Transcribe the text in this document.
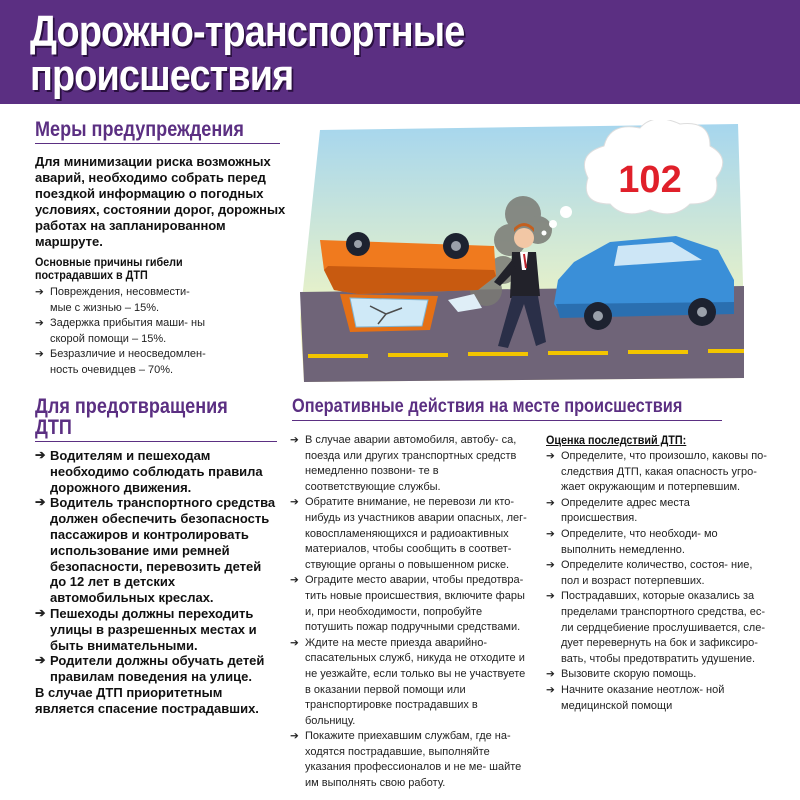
Дорожно-транспортные
происшествия
Меры предупреждения
Для минимизации риска возможных аварий, необходимо собрать перед поездкой информацию о погодных условиях, состоянии дорог, дорожных работах на запланированном маршруте.
Основные причины гибели
пострадавших в ДТП
➔ Повреждения, несовмести- мые с жизнью – 15%.
➔ Задержка прибытия маши- ны скорой помощи – 15%.
➔ Безразличие и неосведомлен- ность очевидцев – 70%.
102
Для предотвращения
ДТП
➔ Водителям и пешеходам необходимо соблюдать правила дорожного движения.
➔ Водитель транспортного средства должен обеспечить безопасность пассажиров и контролировать использование ими ремней безопасности, перевозить детей до 12 лет в детских автомобильных креслах.
➔ Пешеходы должны переходить улицы в разрешенных местах и быть внимательными.
➔ Родители должны обучать детей правилам поведения на улице.
В случае ДТП приоритетным является спасение пострадавших.
Оперативные действия на месте происшествия
➔ В случае аварии автомобиля, автобу- са, поезда или других транспортных средств немедленно позвони- те в соответствующие службы.
➔ Обратите внимание, не перевози ли кто- нибудь из участников аварии опасных, лег- ковоспламеняющихся и радиоактивных материалов, чтобы сообщить в соответ- ствующие органы о повышенном риске.
➔ Оградите место аварии, чтобы предотвра- тить новые происшествия, включите фары и, при необходимости, попробуйте потушить пожар подручными средствами.
➔ Ждите на месте приезда аварийно- спасательных служб, никуда не отходите и не уезжайте, если только вы не участвуете в оказании первой помощи или транспортировке пострадавших в больницу.
➔ Покажите приехавшим службам, где на- ходятся пострадавшие, выполняйте указания профессионалов и не ме- шайте им выполнять свою работу.
Оценка последствий ДТП:
➔ Определите, что произошло, каковы по- следствия ДТП, какая опасность угро- жает окружающим и потерпевшим.
➔ Определите адрес места происшествия.
➔ Определите, что необходи- мо выполнить немедленно.
➔ Определите количество, состоя- ние, пол и возраст потерпевших.
➔ Пострадавших, которые оказались за пределами транспортного средства, ес- ли сердцебиение прослушивается, сле- дует перевернуть на бок и зафиксиро- вать, чтобы предотвратить удушение.
➔ Вызовите скорую помощь.
➔ Начните оказание неотлож- ной медицинской помощи
